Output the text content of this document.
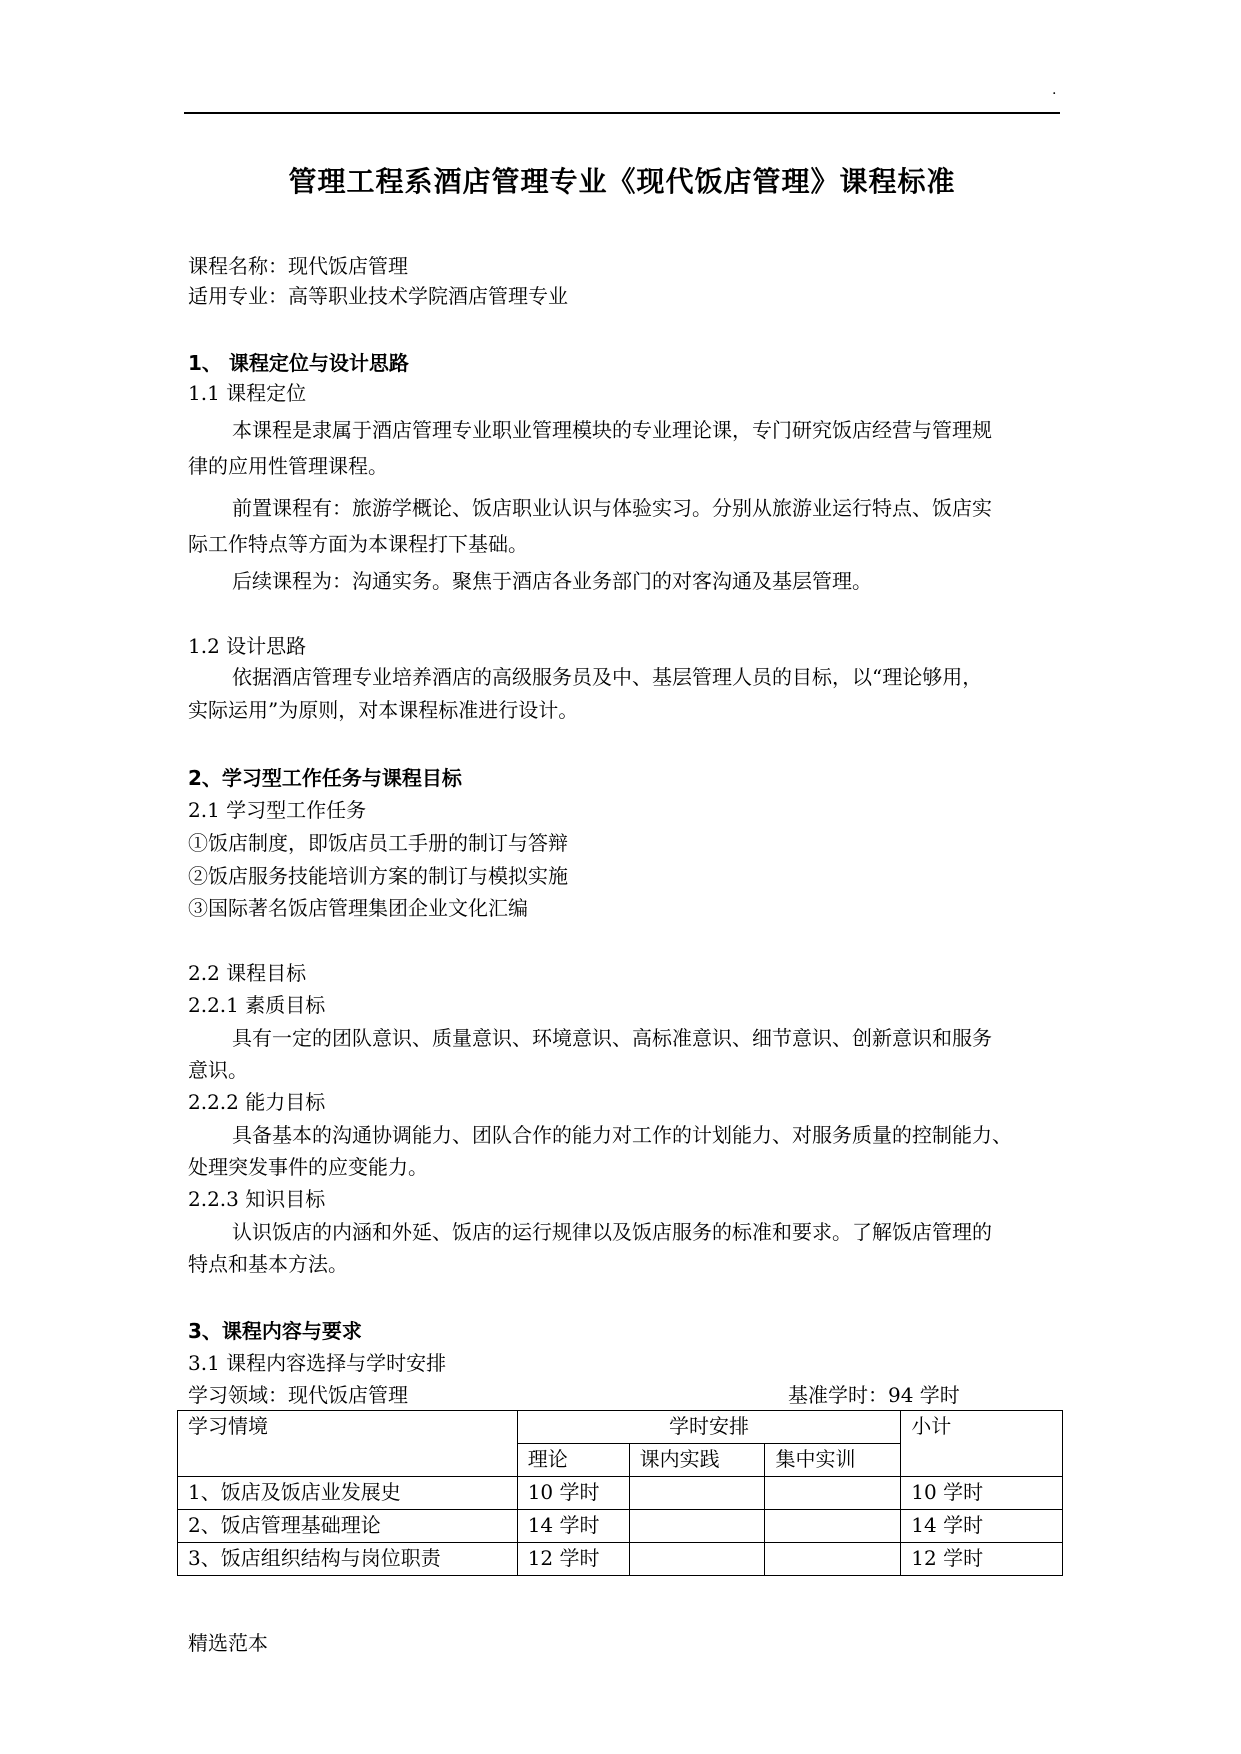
.
管理工程系酒店管理专业《现代饭店管理》课程标准
课程名称：现代饭店管理
适用专业：高等职业技术学院酒店管理专业
1、 课程定位与设计思路
1.1 课程定位
本课程是隶属于酒店管理专业职业管理模块的专业理论课，专门研究饭店经营与管理规
律的应用性管理课程。
前置课程有：旅游学概论、饭店职业认识与体验实习。分别从旅游业运行特点、饭店实
际工作特点等方面为本课程打下基础。
后续课程为：沟通实务。聚焦于酒店各业务部门的对客沟通及基层管理。
1.2 设计思路
依据酒店管理专业培养酒店的高级服务员及中、基层管理人员的目标，以“理论够用，
实际运用”为原则，对本课程标准进行设计。
2、学习型工作任务与课程目标
2.1 学习型工作任务
①饭店制度，即饭店员工手册的制订与答辩
②饭店服务技能培训方案的制订与模拟实施
③国际著名饭店管理集团企业文化汇编
2.2 课程目标
2.2.1 素质目标
具有一定的团队意识、质量意识、环境意识、高标准意识、细节意识、创新意识和服务
意识。
2.2.2 能力目标
具备基本的沟通协调能力、团队合作的能力对工作的计划能力、对服务质量的控制能力、
处理突发事件的应变能力。
2.2.3 知识目标
认识饭店的内涵和外延、饭店的运行规律以及饭店服务的标准和要求。了解饭店管理的
特点和基本方法。
3、课程内容与要求
3.1 课程内容选择与学时安排
学习领域：现代饭店管理	基准学时：94 学时
学习情境	学时安排			小计
	理论	课内实践	集中实训	
1、饭店及饭店业发展史	10 学时			10 学时
2、饭店管理基础理论	14 学时			14 学时
3、饭店组织结构与岗位职责	12 学时			12 学时
精选范本
